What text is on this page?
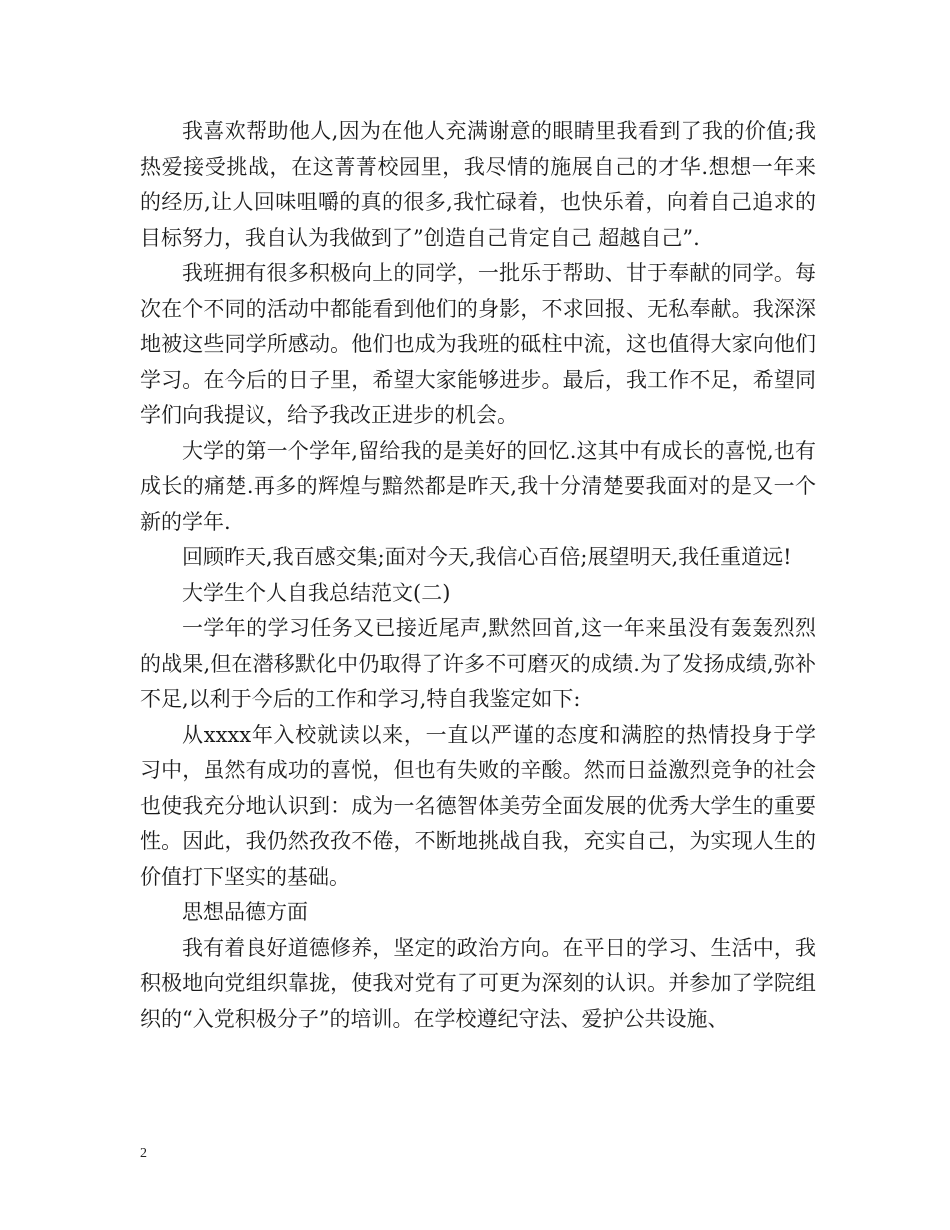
我喜欢帮助他人,因为在他人充满谢意的眼睛里我看到了我的价值;我热爱接受挑战，在这菁菁校园里，我尽情的施展自己的才华.想想一年来的经历,让人回味咀嚼的真的很多,我忙碌着，也快乐着，向着自己追求的目标努力，我自认为我做到了”创造自己肯定自己 超越自己”.

我班拥有很多积极向上的同学，一批乐于帮助、甘于奉献的同学。每次在个不同的活动中都能看到他们的身影，不求回报、无私奉献。我深深地被这些同学所感动。他们也成为我班的砥柱中流，这也值得大家向他们学习。在今后的日子里，希望大家能够进步。最后，我工作不足，希望同学们向我提议，给予我改正进步的机会。

大学的第一个学年,留给我的是美好的回忆.这其中有成长的喜悦,也有成长的痛楚.再多的辉煌与黯然都是昨天,我十分清楚要我面对的是又一个新的学年.

回顾昨天,我百感交集;面对今天,我信心百倍;展望明天,我任重道远!

大学生个人自我总结范文(二)

一学年的学习任务又已接近尾声,默然回首,这一年来虽没有轰轰烈烈的战果,但在潜移默化中仍取得了许多不可磨灭的成绩.为了发扬成绩,弥补不足,以利于今后的工作和学习,特自我鉴定如下:

从xxxx年入校就读以来，一直以严谨的态度和满腔的热情投身于学习中，虽然有成功的喜悦，但也有失败的辛酸。然而日益激烈竞争的社会也使我充分地认识到：成为一名德智体美劳全面发展的优秀大学生的重要性。因此，我仍然孜孜不倦，不断地挑战自我，充实自己，为实现人生的价值打下坚实的基础。

思想品德方面

我有着良好道德修养，坚定的政治方向。在平日的学习、生活中，我积极地向党组织靠拢，使我对党有了可更为深刻的认识。并参加了学院组织的“入党积极分子”的培训。在学校遵纪守法、爱护公共设施、

2
